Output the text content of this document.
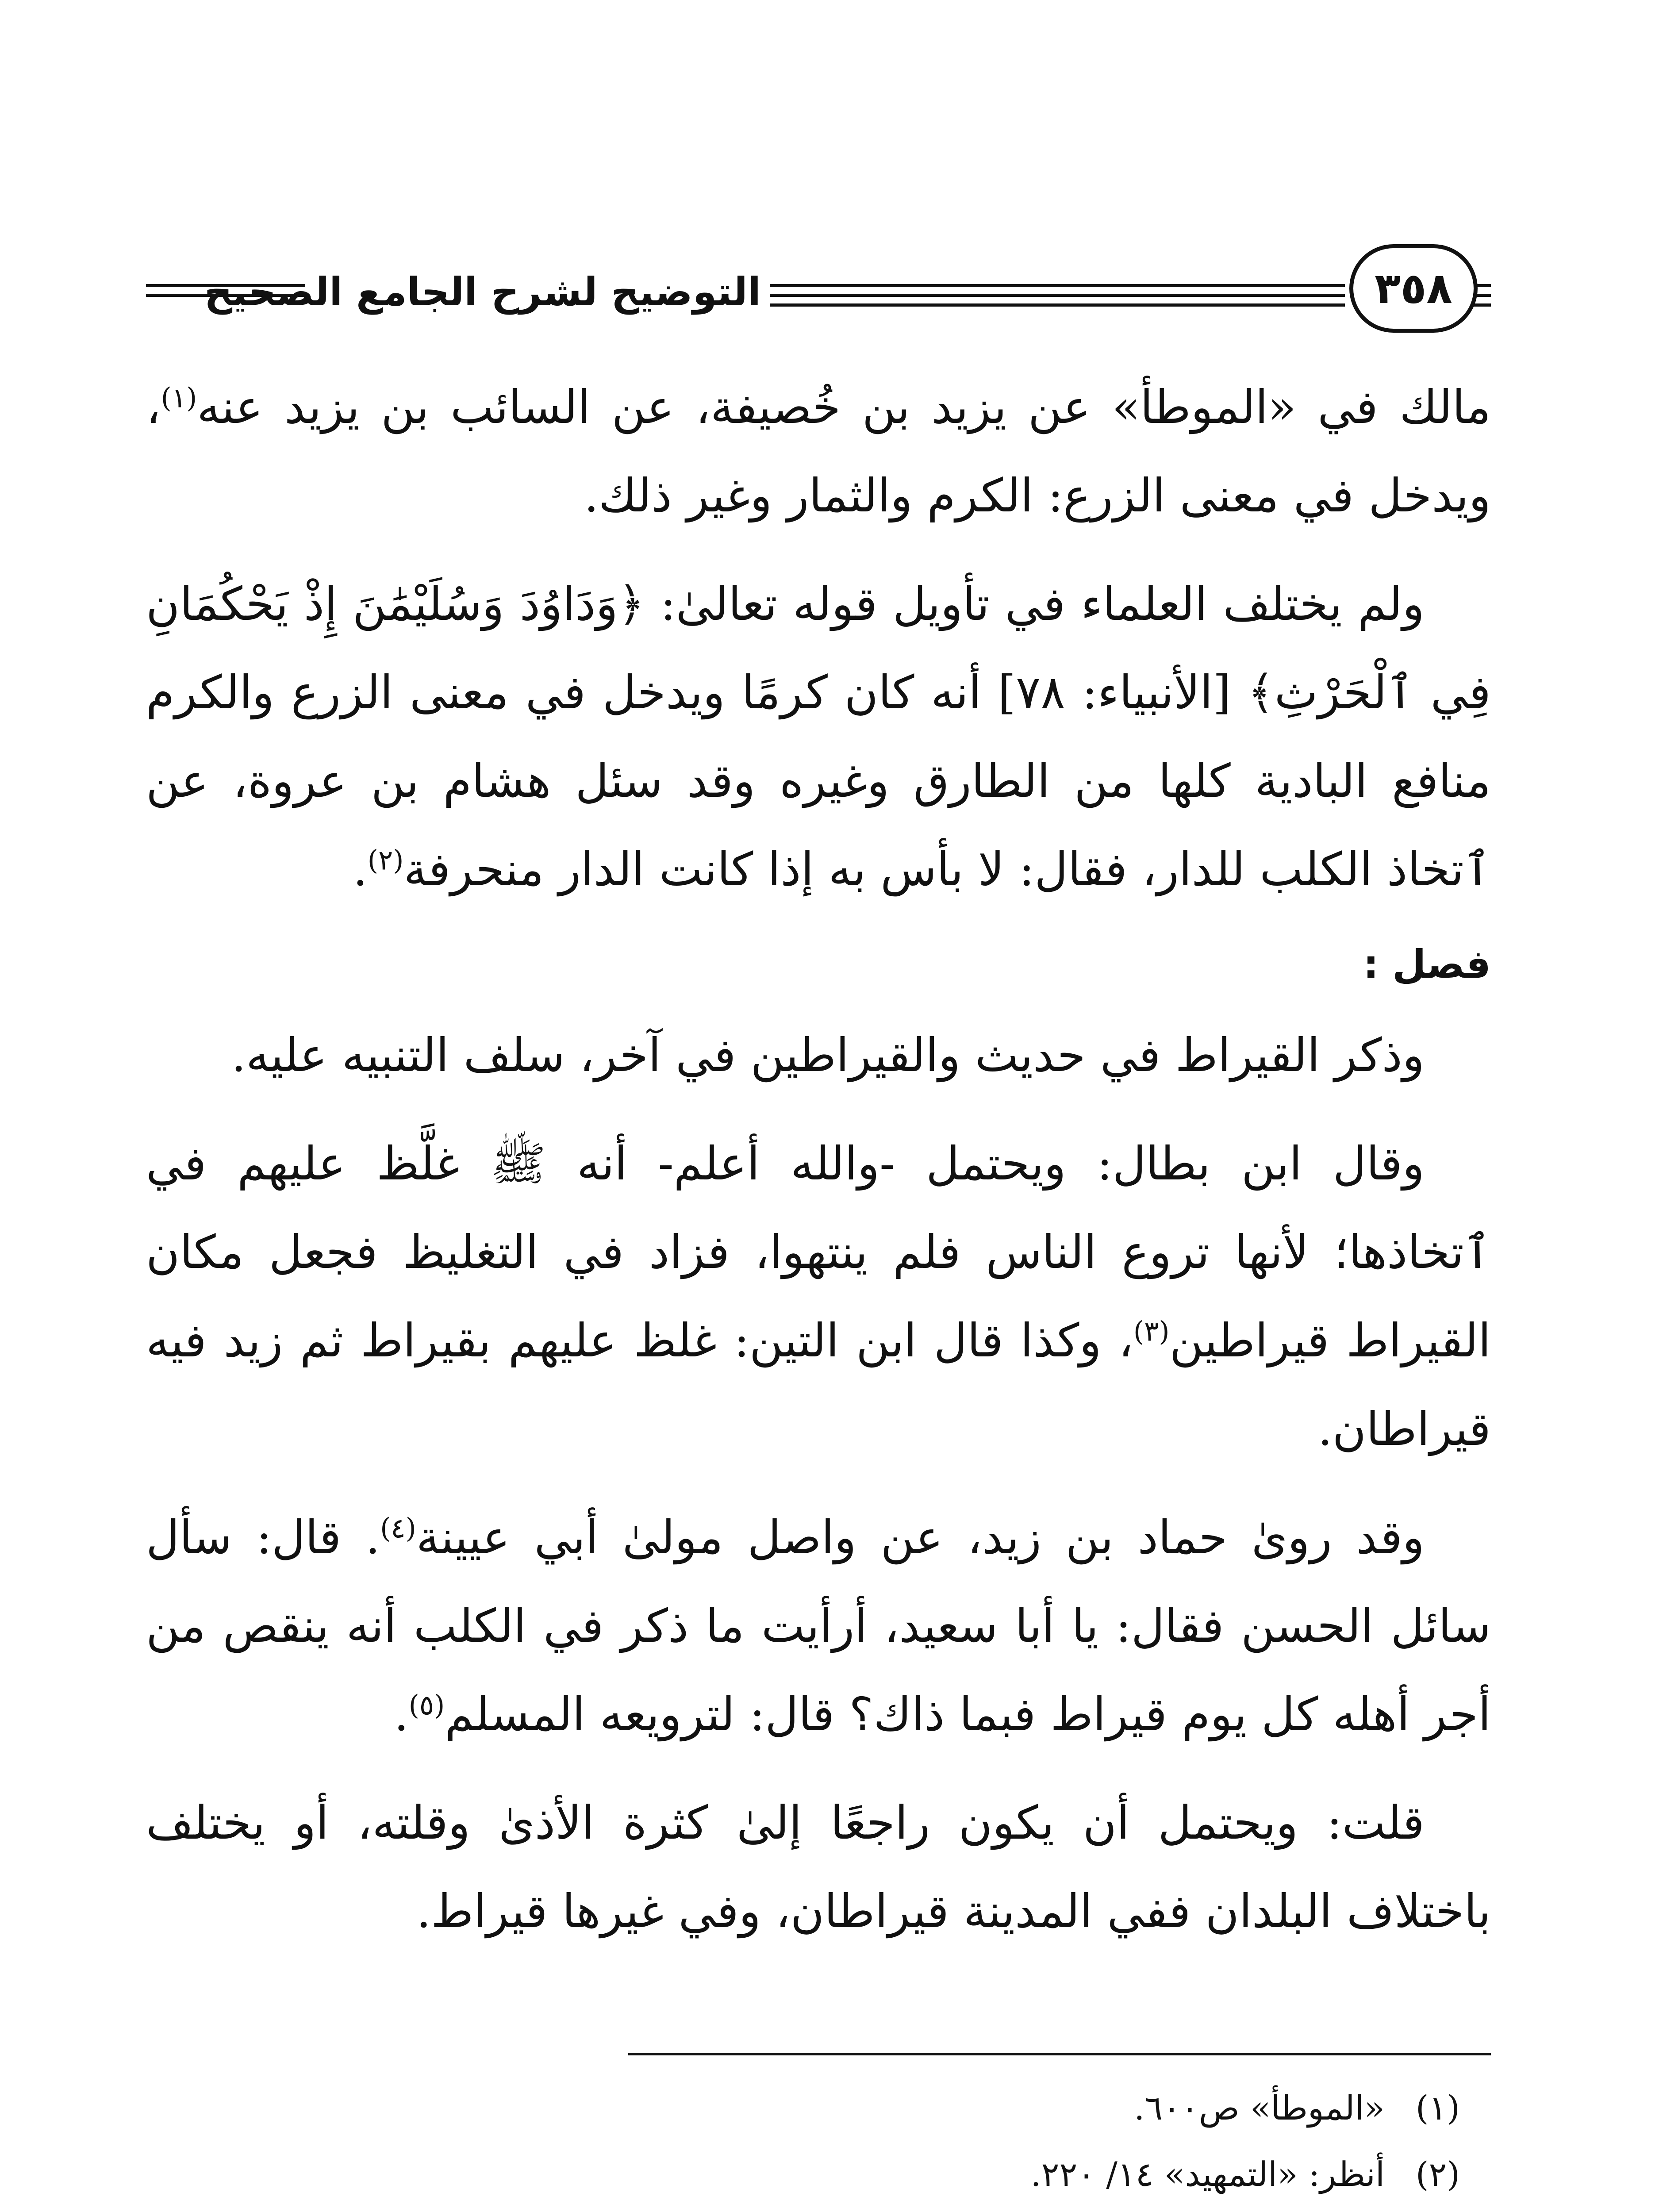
التوضيح لشرح الجامع الصحيح	٣٥٨

مالك في «الموطأ» عن يزيد بن خُصيفة، عن السائب بن يزيد عنه$^{(١)}$، ويدخل في معنى الزرع: الكرم والثمار وغير ذلك.

ولم يختلف العلماء في تأويل قوله تعالىٰ: ﴿وَدَاوُدَ وَسُلَيْمَٰنَ إِذْ يَحْكُمَانِ فِي ٱلْحَرْثِ﴾ [الأنبياء: ٧٨] أنه كان كرمًا ويدخل في معنى الزرع والكرم منافع البادية كلها من الطارق وغيره وقد سئل هشام بن عروة، عن ٱتخاذ الكلب للدار، فقال: لا بأس به إذا كانت الدار منحرفة$^{(٢)}$.

فصل :

وذكر القيراط في حديث والقيراطين في آخر، سلف التنبيه عليه.

وقال ابن بطال: ويحتمل -والله أعلم- أنه ﷺ غلَّظ عليهم في ٱتخاذها؛ لأنها تروع الناس فلم ينتهوا، فزاد في التغليظ فجعل مكان القيراط قيراطين$^{(٣)}$، وكذا قال ابن التين: غلظ عليهم بقيراط ثم زيد فيه قيراطان.

وقد روىٰ حماد بن زيد، عن واصل مولىٰ أبي عيينة$^{(٤)}$. قال: سأل سائل الحسن فقال: يا أبا سعيد، أرأيت ما ذكر في الكلب أنه ينقص من أجر أهله كل يوم قيراط فبما ذاك؟ قال: لترويعه المسلم$^{(٥)}$.

قلت: ويحتمل أن يكون راجعًا إلىٰ كثرة الأذىٰ وقلته، أو يختلف باختلاف البلدان ففي المدينة قيراطان، وفي غيرها قيراط.

(١)
«الموطأ» ص٦٠٠.

(٢)
أنظر: «التمهيد» ١٤/ ٢٢٠.
